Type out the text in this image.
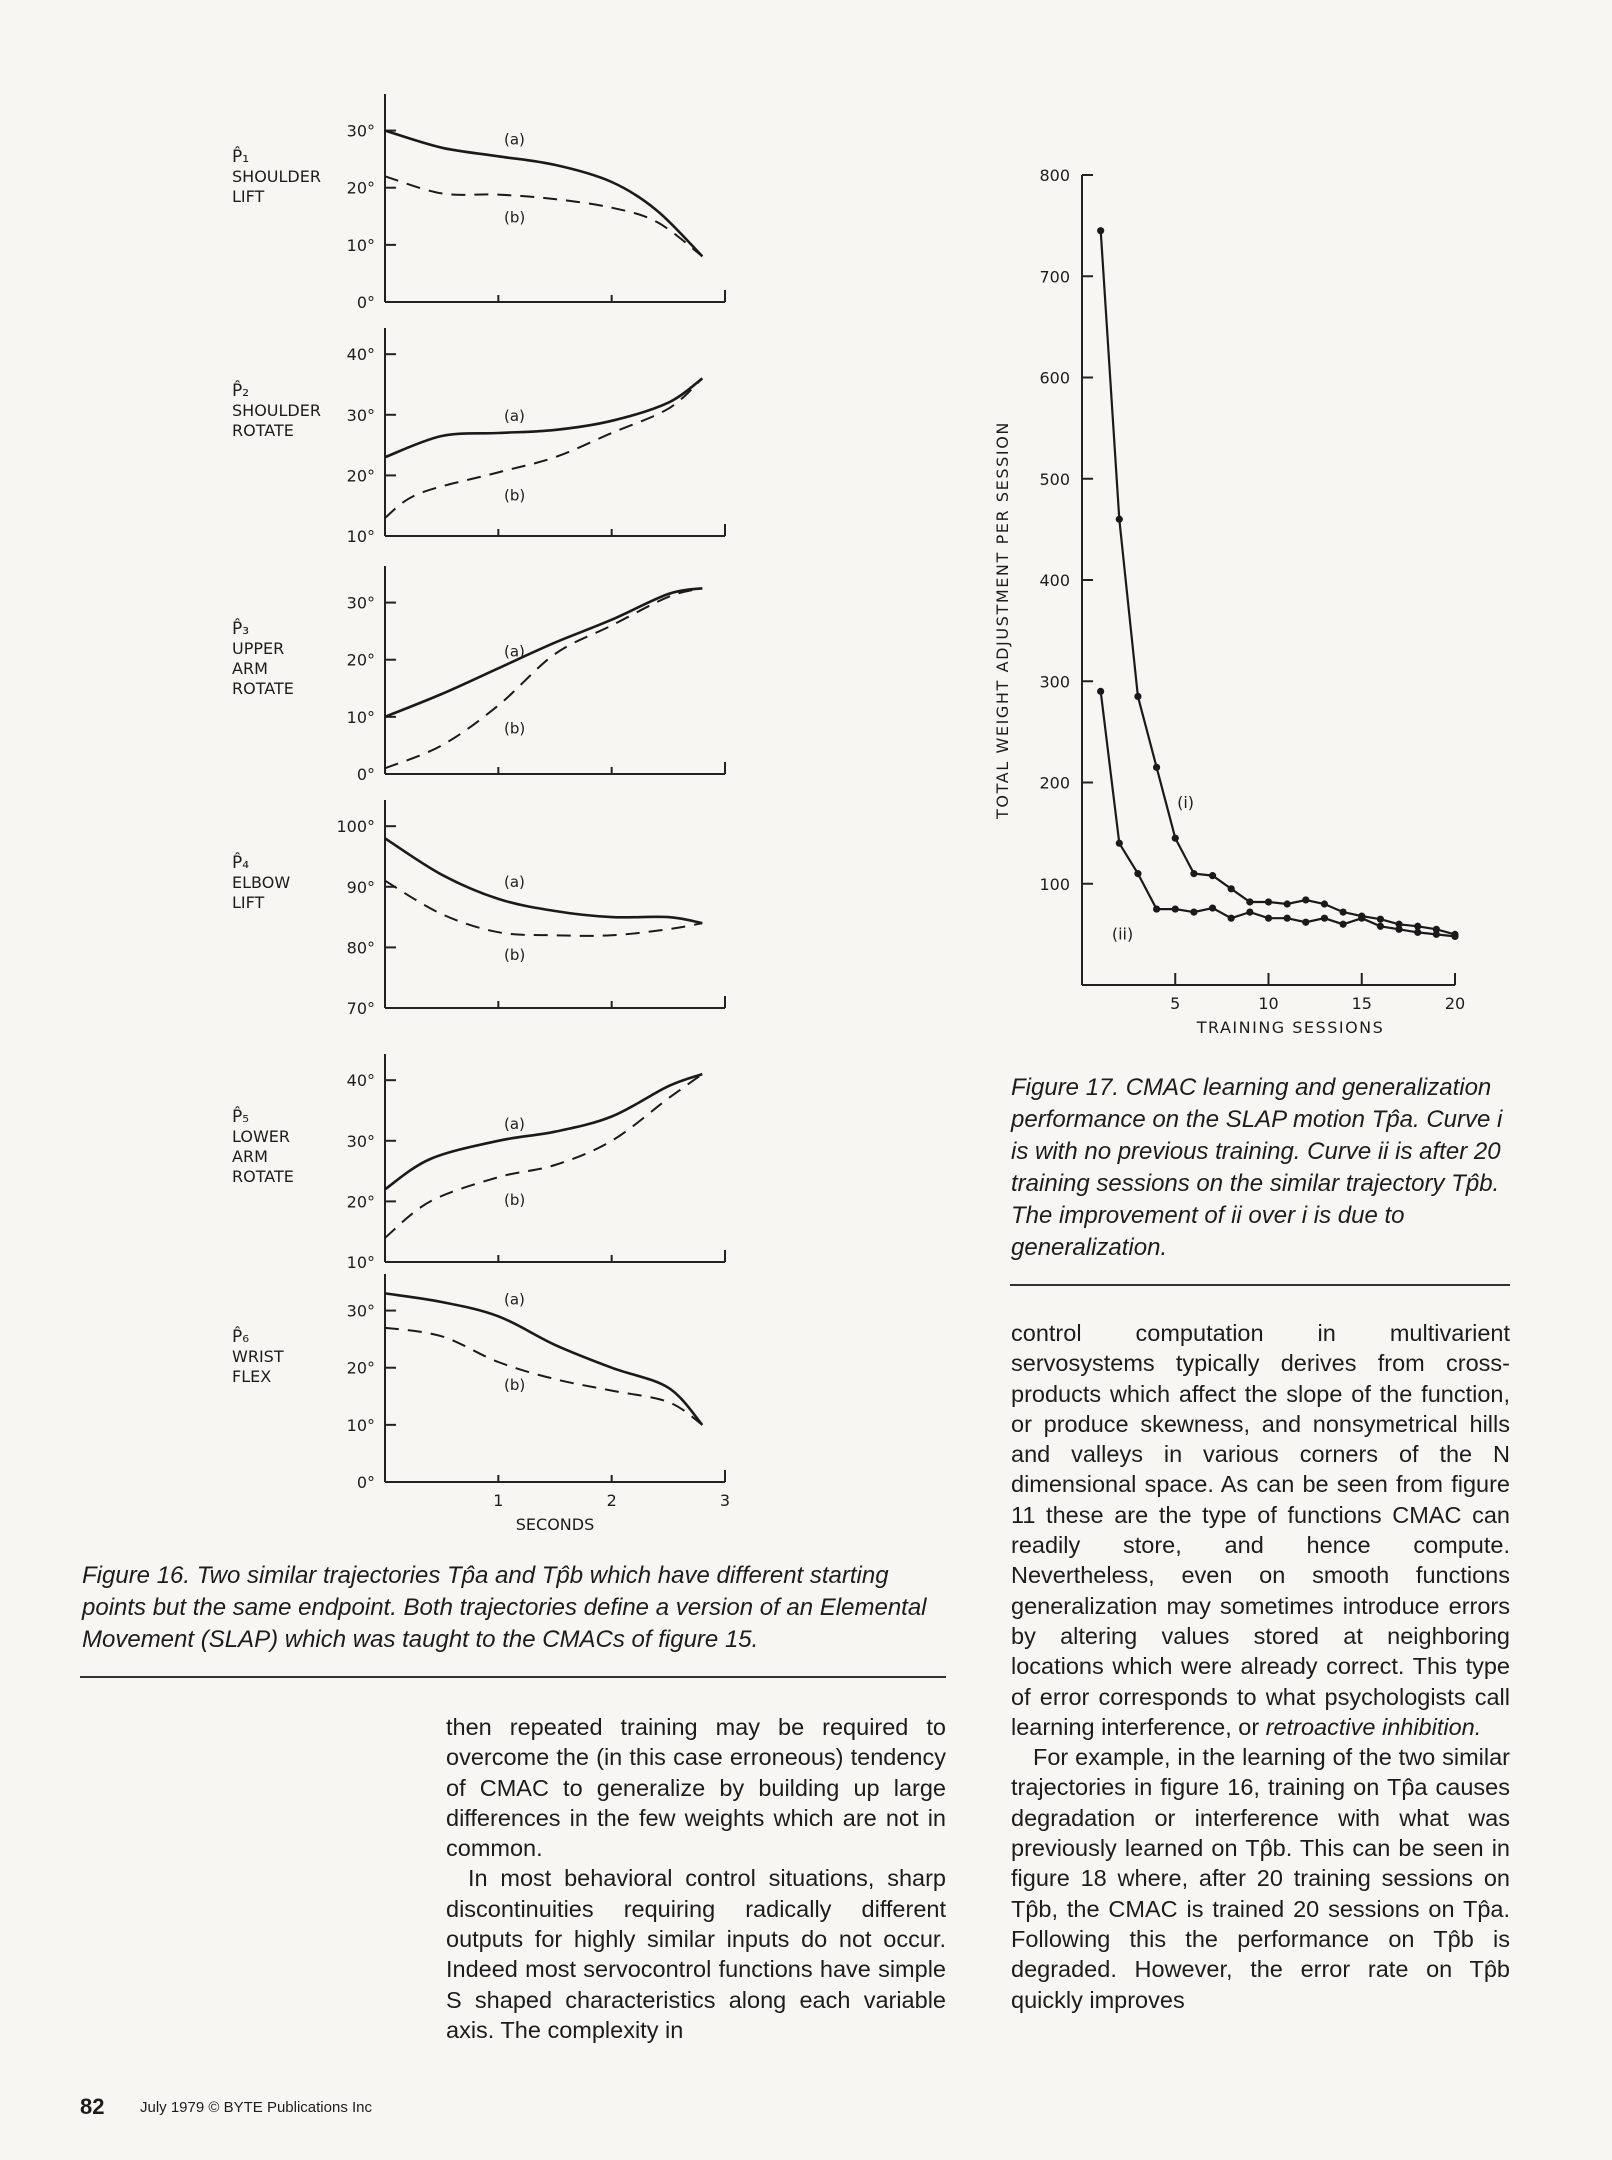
30°
20°
10°
0°
P̂₁
SHOULDER
LIFT
(a)
(b)
40°
30°
20°
10°
P̂₂
SHOULDER
ROTATE
(a)
(b)
30°
20°
10°
0°
P̂₃
UPPER
ARM
ROTATE
(a)
(b)
100°
90°
80°
70°
P̂₄
ELBOW
LIFT
(a)
(b)
40°
30°
20°
10°
P̂₅
LOWER
ARM
ROTATE
(a)
(b)
30°
20°
10°
0°
P̂₆
WRIST
FLEX
(a)
(b)
1	2	3
SECONDS
Figure 16. Two similar trajectories Tp̂a and Tp̂b which have different starting points but the same endpoint. Both trajectories define a version of an Elemental Movement (SLAP) which was taught to the CMACs of figure 15.
800
700
600
500
400
300
200
100
5	10	15	20
TRAINING SESSIONS
TOTAL WEIGHT ADJUSTMENT PER SESSION	(i)
(ii)
Figure 17. CMAC learning and generalization performance on the SLAP motion Tp̂a. Curve i is with no previous training. Curve ii is after 20 training sessions on the similar trajectory Tp̂b. The improvement of ii over i is due to generalization.

then repeated training may be required to overcome the (in this case erroneous) tendency of CMAC to generalize by building up large differences in the few weights which are not in common.

In most behavioral control situations, sharp discontinuities requiring radically different outputs for highly similar inputs do not occur. Indeed most servocontrol functions have simple S shaped characteristics along each variable axis. The complexity in

control computation in multivarient servosystems typically derives from cross-products which affect the slope of the function, or produce skewness, and nonsymetrical hills and valleys in various corners of the N dimensional space. As can be seen from figure 11 these are the type of functions CMAC can readily store, and hence compute. Nevertheless, even on smooth functions generalization may sometimes introduce errors by altering values stored at neighboring locations which were already correct. This type of error corresponds to what psychologists call learning interference, or retroactive inhibition.

For example, in the learning of the two similar trajectories in figure 16, training on Tp̂a causes degradation or interference with what was previously learned on Tp̂b. This can be seen in figure 18 where, after 20 training sessions on Tp̂b, the CMAC is trained 20 sessions on Tp̂a. Following this the performance on Tp̂b is degraded. However, the error rate on Tp̂b quickly improves

82 July 1979 © BYTE Publications Inc
